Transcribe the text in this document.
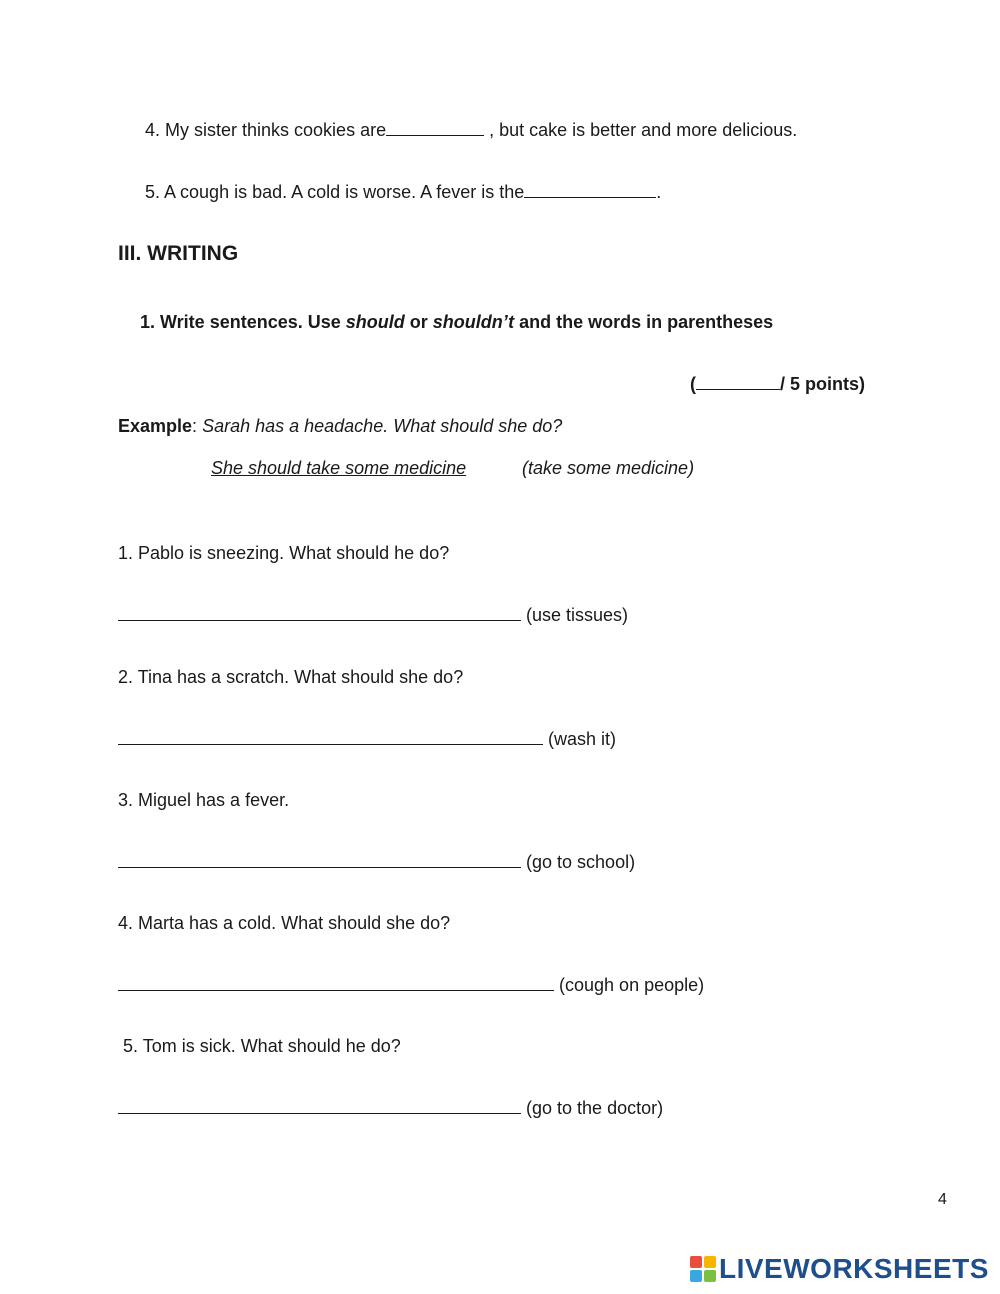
4. My sister thinks cookies are	, but cake is better and more delicious.
5. A cough is bad. A cold is worse. A fever is the	.
III. WRITING
1. Write sentences. Use should or shouldn’t and the words in parentheses
(	/ 5 points)
Example: Sarah has a headache. What should she do?
She should take some medicine	(take some medicine)
1. Pablo is sneezing. What should he do?
(use tissues)
2. Tina has a scratch. What should she do?
(wash it)
3. Miguel has a fever.
(go to school)
4. Marta has a cold. What should she do?
(cough on people)
5. Tom is sick. What should he do?
(go to the doctor)
4
LIVEWORKSHEETS
